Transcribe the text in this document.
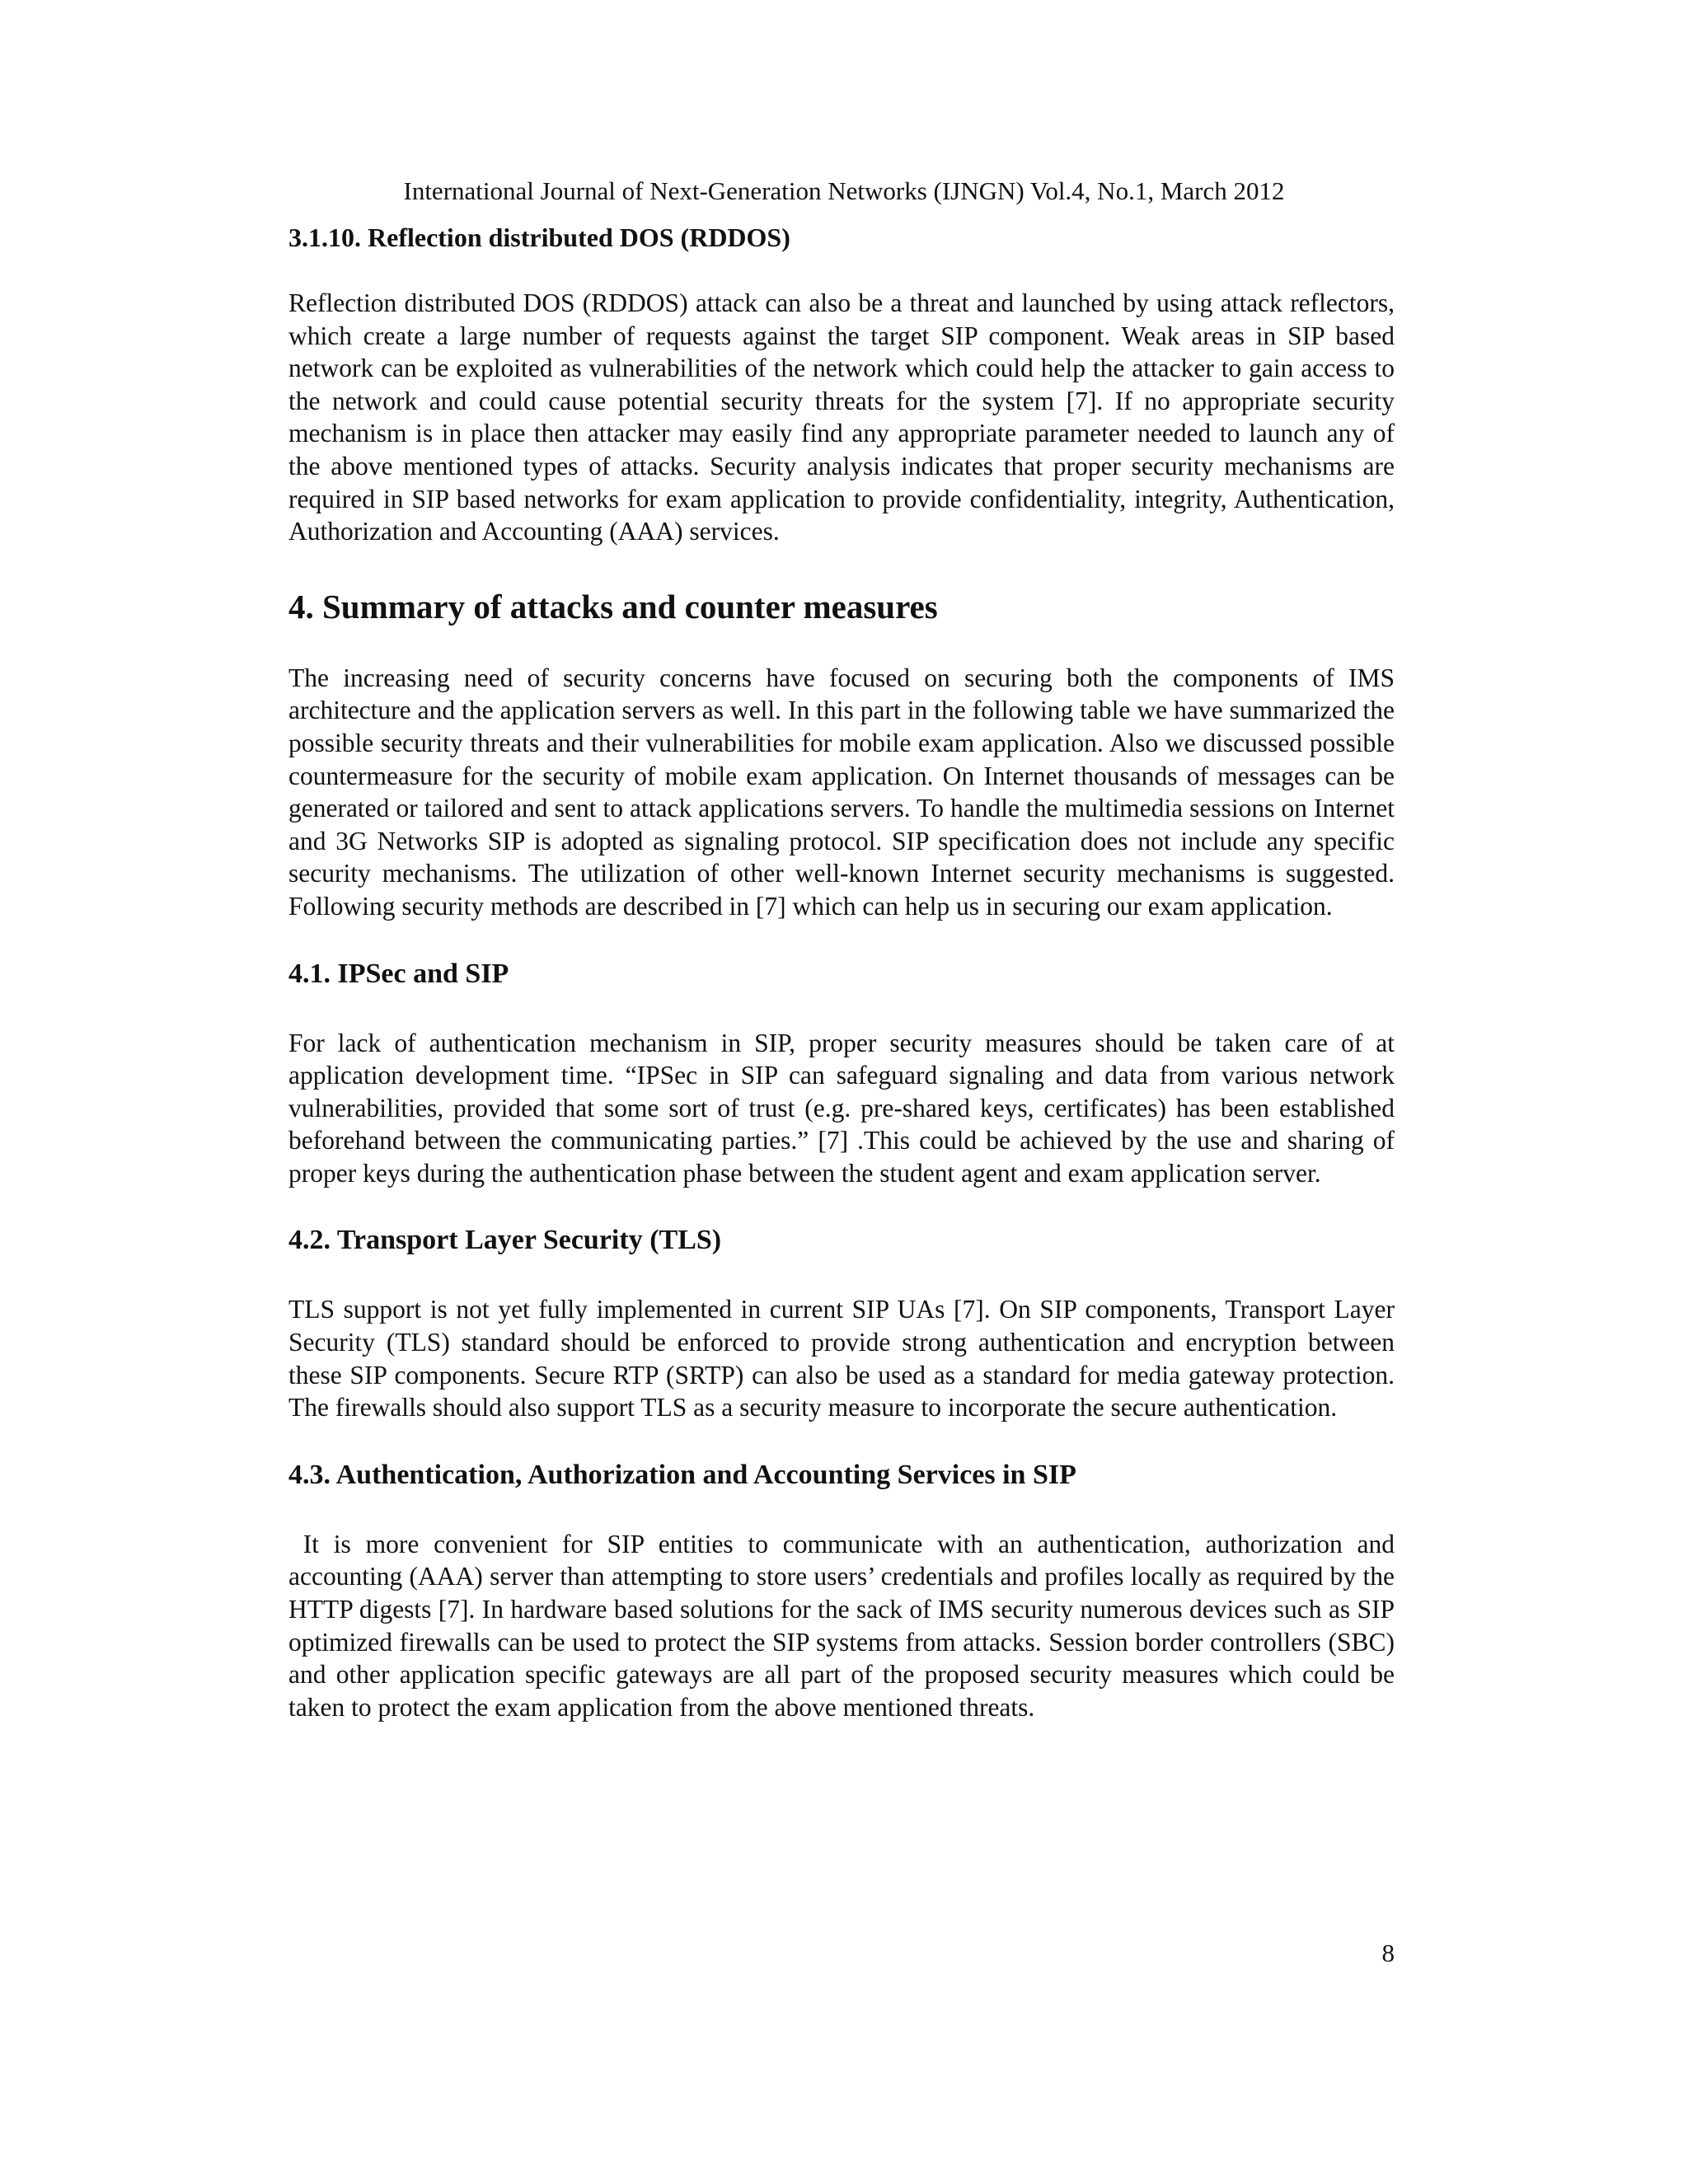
International Journal of Next-Generation Networks (IJNGN) Vol.4, No.1, March 2012
3.1.10. Reflection distributed DOS (RDDOS)

Reflection distributed DOS (RDDOS) attack can also be a threat and launched by using attack reflectors, which create a large number of requests against the target SIP component. Weak areas in SIP based network can be exploited as vulnerabilities of the network which could help the attacker to gain access to the network and could cause potential security threats for the system [7]. If no appropriate security mechanism is in place then attacker may easily find any appropriate parameter needed to launch any of the above mentioned types of attacks. Security analysis indicates that proper security mechanisms are required in SIP based networks for exam application to provide confidentiality, integrity, Authentication, Authorization and Accounting (AAA) services.

4. Summary of attacks and counter measures

The increasing need of security concerns have focused on securing both the components of IMS architecture and the application servers as well. In this part in the following table we have summarized the possible security threats and their vulnerabilities for mobile exam application. Also we discussed possible countermeasure for the security of mobile exam application. On Internet thousands of messages can be generated or tailored and sent to attack applications servers. To handle the multimedia sessions on Internet and 3G Networks SIP is adopted as signaling protocol. SIP specification does not include any specific security mechanisms. The utilization of other well-known Internet security mechanisms is suggested. Following security methods are described in [7] which can help us in securing our exam application.

4.1. IPSec and SIP

For lack of authentication mechanism in SIP, proper security measures should be taken care of at application development time. “IPSec in SIP can safeguard signaling and data from various network vulnerabilities, provided that some sort of trust (e.g. pre-shared keys, certificates) has been established beforehand between the communicating parties.” [7] .This could be achieved by the use and sharing of proper keys during the authentication phase between the student agent and exam application server.

4.2. Transport Layer Security (TLS)

TLS support is not yet fully implemented in current SIP UAs [7]. On SIP components, Transport Layer Security (TLS) standard should be enforced to provide strong authentication and encryption between these SIP components. Secure RTP (SRTP) can also be used as a standard for media gateway protection. The firewalls should also support TLS as a security measure to incorporate the secure authentication.

4.3. Authentication, Authorization and Accounting Services in SIP

It is more convenient for SIP entities to communicate with an authentication, authorization and accounting (AAA) server than attempting to store users’ credentials and profiles locally as required by the HTTP digests [7]. In hardware based solutions for the sack of IMS security numerous devices such as SIP optimized firewalls can be used to protect the SIP systems from attacks. Session border controllers (SBC) and other application specific gateways are all part of the proposed security measures which could be taken to protect the exam application from the above mentioned threats.

8
